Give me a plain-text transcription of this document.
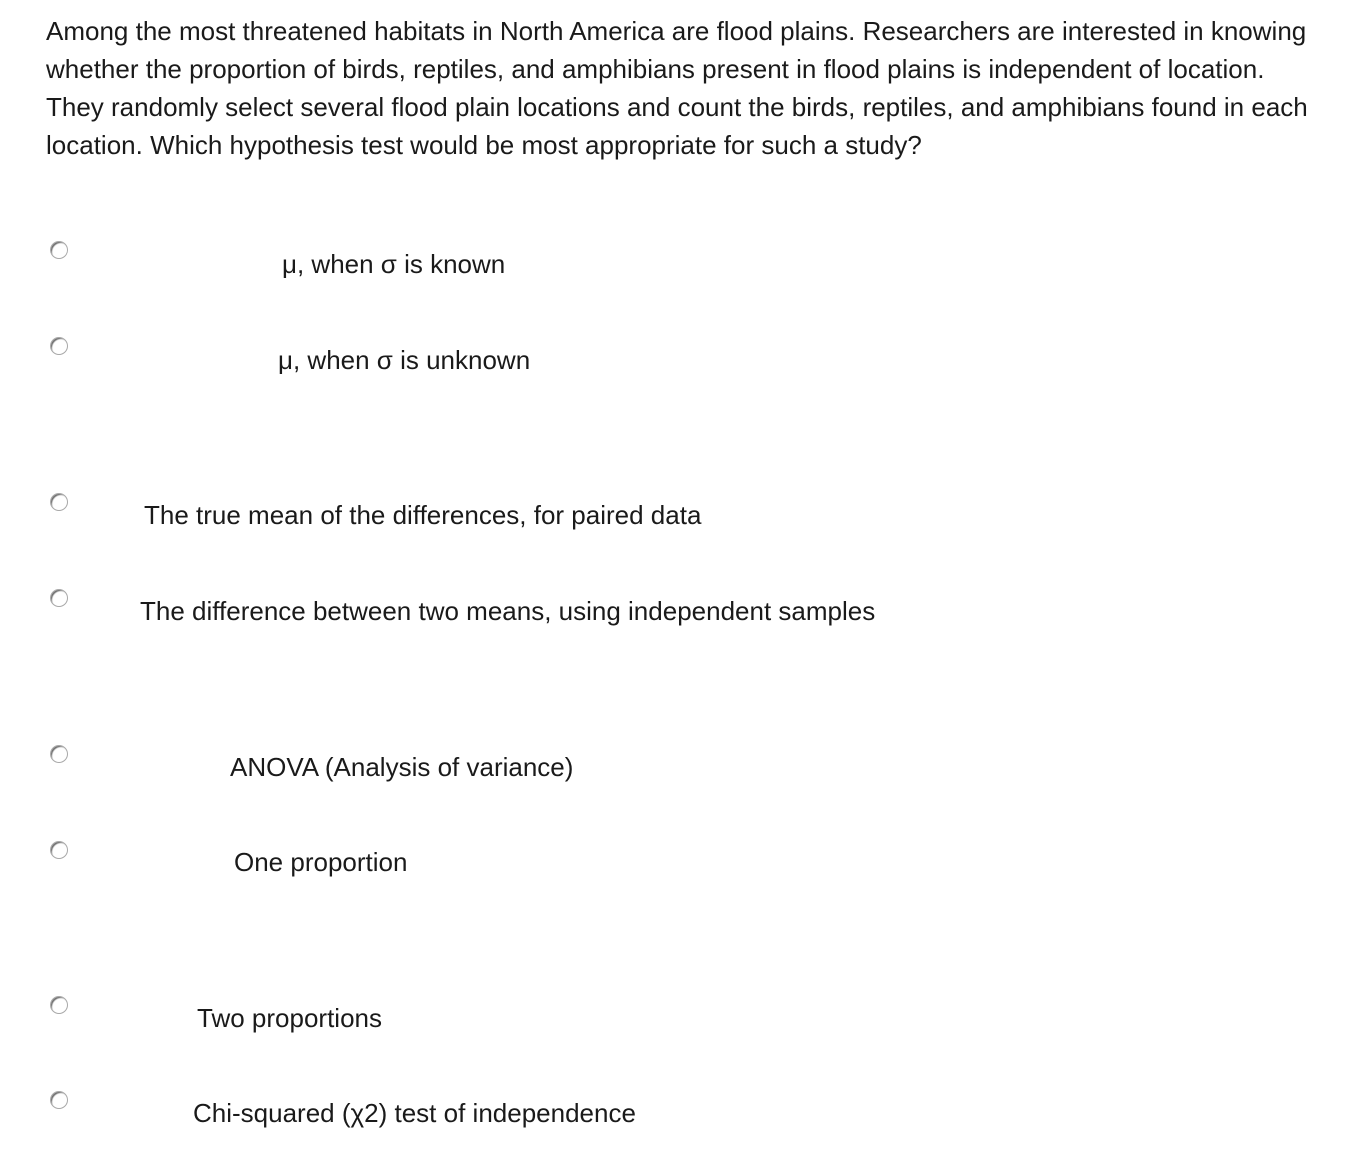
Among the most threatened habitats in North America are flood plains. Researchers are interested in knowing whether the proportion of birds, reptiles, and amphibians present in flood plains is independent of location. They randomly select several flood plain locations and count the birds, reptiles, and amphibians found in each location. Which hypothesis test would be most appropriate for such a study?

μ, when σ is known
μ, when σ is unknown
The true mean of the differences, for paired data
The difference between two means, using independent samples
ANOVA (Analysis of variance)
One proportion
Two proportions
Chi-squared (χ2) test of independence
